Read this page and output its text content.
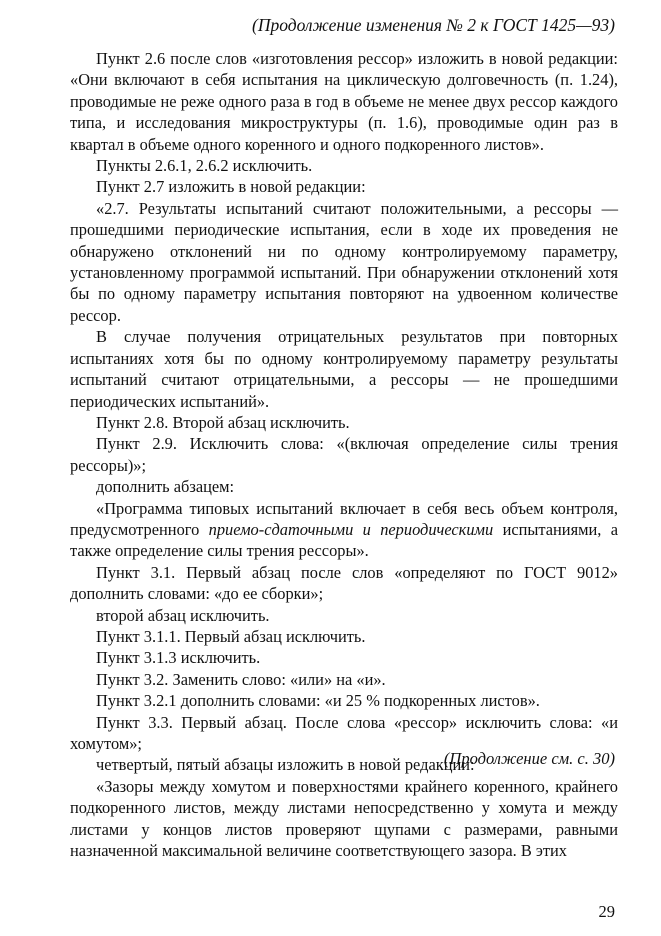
(Продолжение изменения № 2 к ГОСТ 1425—93)

Пункт 2.6 после слов «изготовления рессор» изложить в новой редакции: «Они включают в себя испытания на циклическую долговечность (п. 1.24), проводимые не реже одного раза в год в объеме не менее двух рессор каждого типа, и исследования микроструктуры (п. 1.6), проводимые один раз в квартал в объеме одного коренного и одного подкоренного листов».

Пункты 2.6.1, 2.6.2 исключить.

Пункт 2.7 изложить в новой редакции:

«2.7. Результаты испытаний считают положительными, а рессоры — прошедшими периодические испытания, если в ходе их проведения не обнаружено отклонений ни по одному контролируемому параметру, установленному программой испытаний. При обнаружении отклонений хотя бы по одному параметру испытания повторяют на удвоенном количестве рессор.

В случае получения отрицательных результатов при повторных испытаниях хотя бы по одному контролируемому параметру результаты испытаний считают отрицательными, а рессоры — не прошедшими периодических испытаний».

Пункт 2.8. Второй абзац исключить.

Пункт 2.9. Исключить слова: «(включая определение силы трения рессоры)»;

дополнить абзацем:

«Программа типовых испытаний включает в себя весь объем контроля, предусмотренного приемо-сдаточными и периодическими испытаниями, а также определение силы трения рессоры».

Пункт 3.1. Первый абзац после слов «определяют по ГОСТ 9012» дополнить словами: «до ее сборки»;

второй абзац исключить.

Пункт 3.1.1. Первый абзац исключить.

Пункт 3.1.3 исключить.

Пункт 3.2. Заменить слово: «или» на «и».

Пункт 3.2.1 дополнить словами: «и 25 % подкоренных листов».

Пункт 3.3. Первый абзац. После слова «рессор» исключить слова: «и хомутом»;

четвертый, пятый абзацы изложить в новой редакции:

«Зазоры между хомутом и поверхностями крайнего коренного, крайнего подкоренного листов, между листами непосредственно у хомута и между листами у концов листов проверяют щупами с размерами, равными назначенной максимальной величине соответствующего зазора. В этих

(Продолжение см. с. 30)
29
